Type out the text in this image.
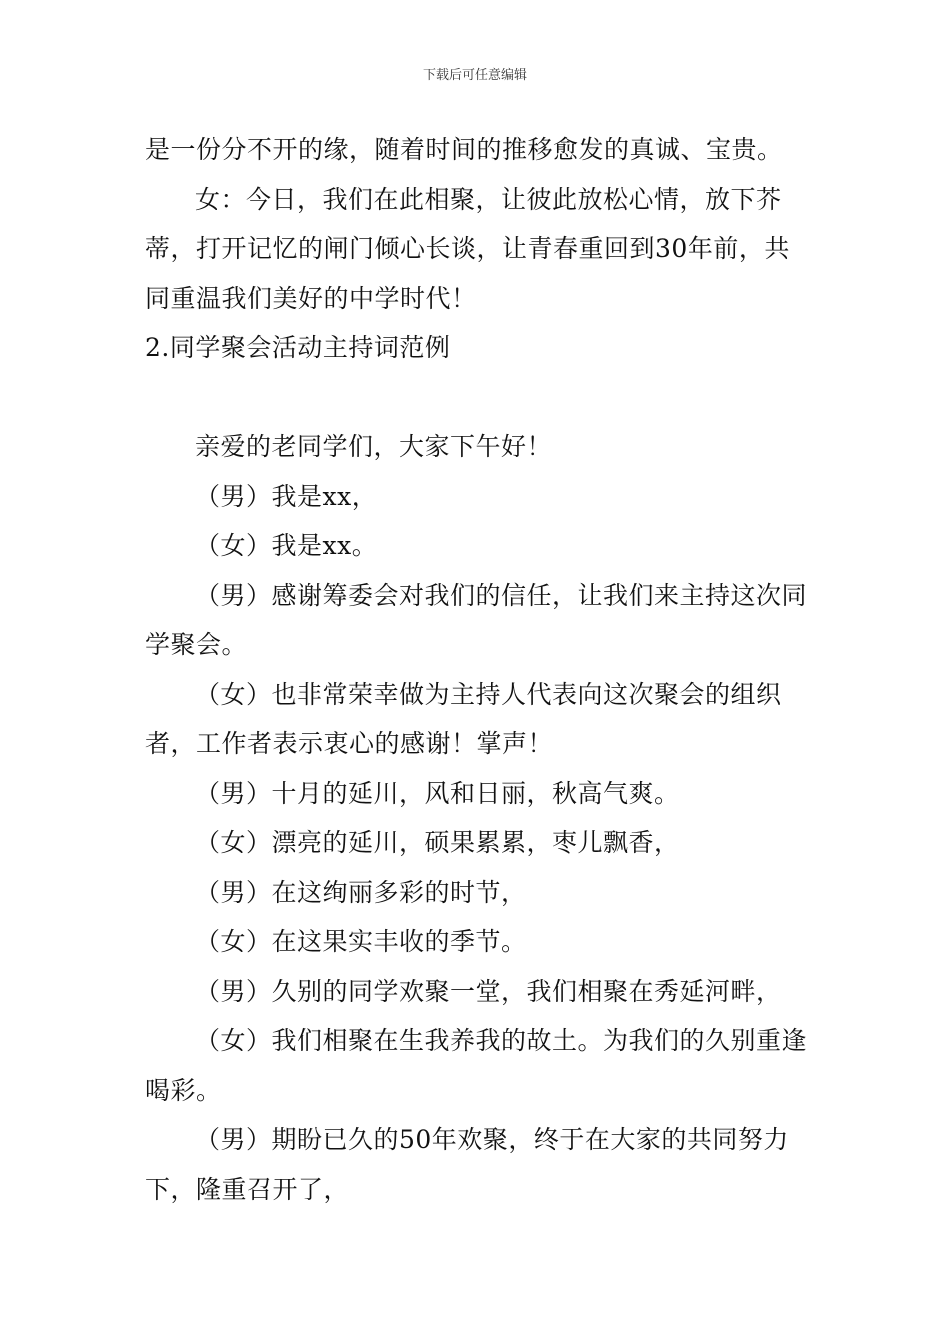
下载后可任意编辑

是一份分不开的缘，随着时间的推移愈发的真诚、宝贵。

女：今日，我们在此相聚，让彼此放松心情，放下芥蒂，打开记忆的闸门倾心长谈，让青春重回到30年前，共同重温我们美好的中学时代！

2.同学聚会活动主持词范例

亲爱的老同学们，大家下午好！

（男）我是xx，

（女）我是xx。

（男）感谢筹委会对我们的信任，让我们来主持这次同学聚会。

（女）也非常荣幸做为主持人代表向这次聚会的组织者，工作者表示衷心的感谢！掌声！

（男）十月的延川，风和日丽，秋高气爽。

（女）漂亮的延川，硕果累累，枣儿飘香，

（男）在这绚丽多彩的时节，

（女）在这果实丰收的季节。

（男）久别的同学欢聚一堂，我们相聚在秀延河畔，

（女）我们相聚在生我养我的故土。为我们的久别重逢喝彩。

（男）期盼已久的50年欢聚，终于在大家的共同努力下，隆重召开了，
